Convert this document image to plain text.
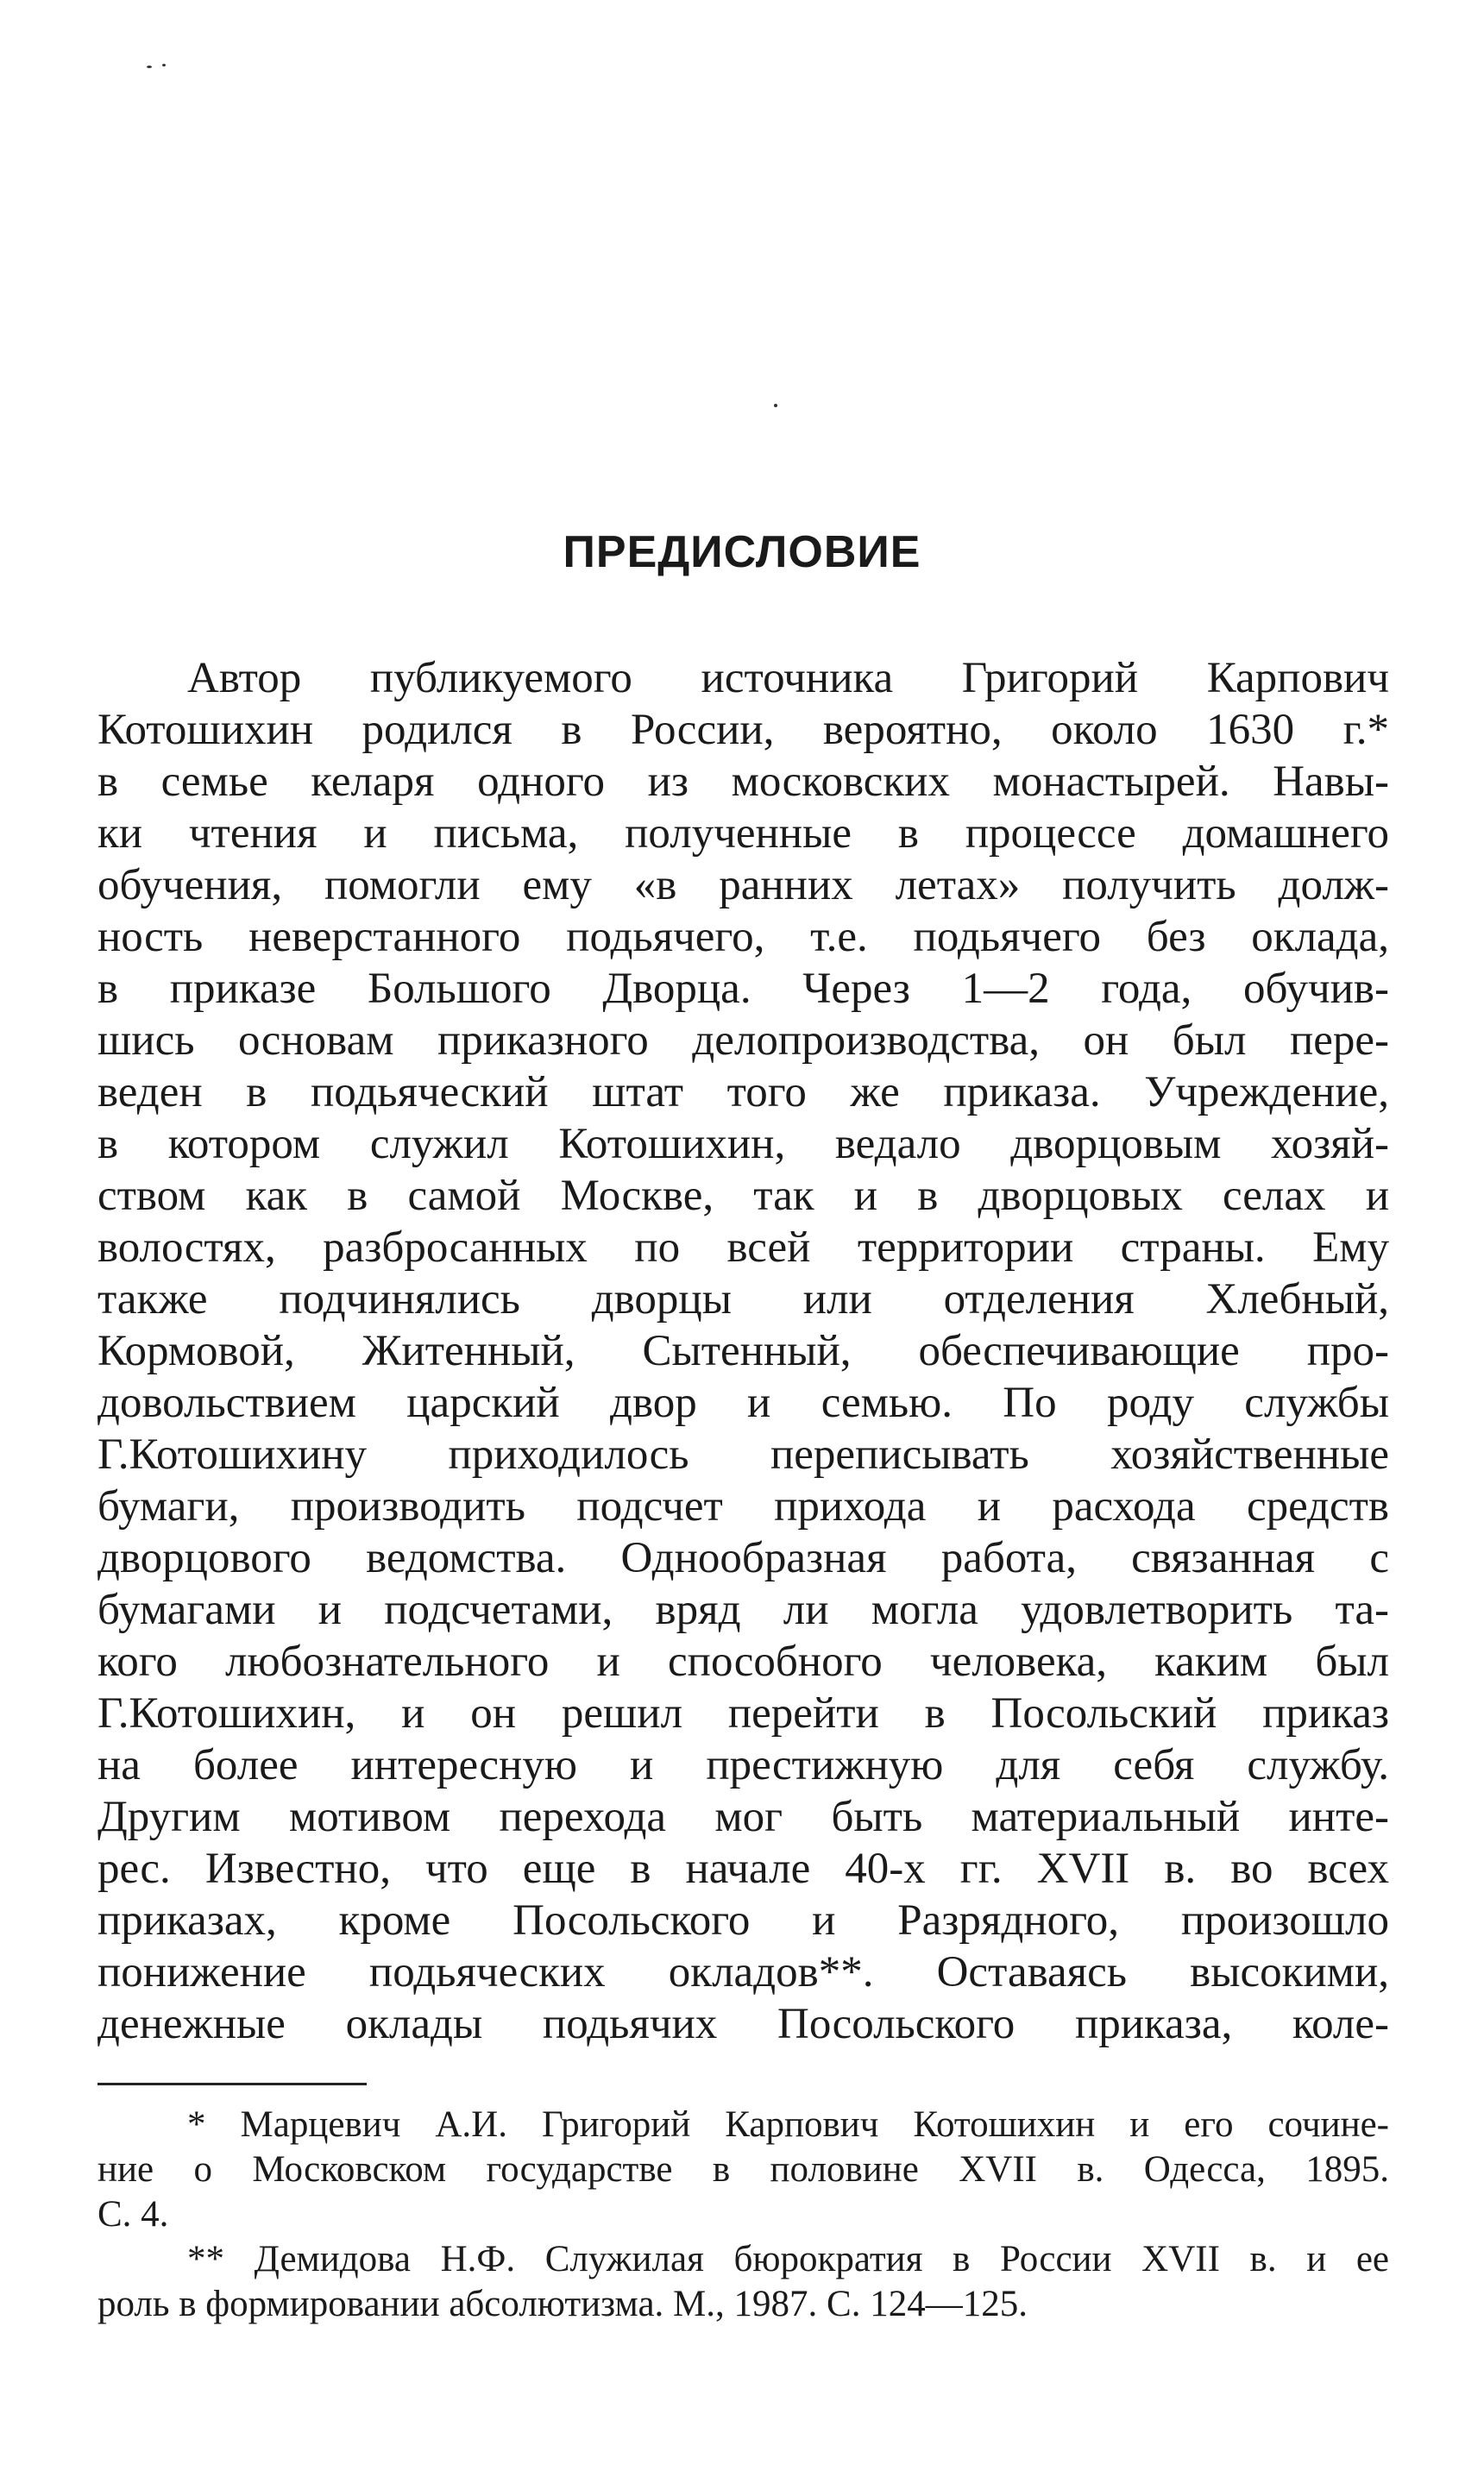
ПРЕДИСЛОВИЕ
Автор публикуемого источника Григорий Карпович
Котошихин родился в России, вероятно, около 1630 г.*
в семье келаря одного из московских монастырей. Навы-
ки чтения и письма, полученные в процессе домашнего
обучения, помогли ему «в ранних летах» получить долж-
ность неверстанного подьячего, т.е. подьячего без оклада,
в приказе Большого Дворца. Через 1—2 года, обучив-
шись основам приказного делопроизводства, он был пере-
веден в подьяческий штат того же приказа. Учреждение,
в котором служил Котошихин, ведало дворцовым хозяй-
ством как в самой Москве, так и в дворцовых селах и
волостях, разбросанных по всей территории страны. Ему
также подчинялись дворцы или отделения Хлебный,
Кормовой, Житенный, Сытенный, обеспечивающие про-
довольствием царский двор и семью. По роду службы
Г.Котошихину приходилось переписывать хозяйственные
бумаги, производить подсчет прихода и расхода средств
дворцового ведомства. Однообразная работа, связанная с
бумагами и подсчетами, вряд ли могла удовлетворить та-
кого любознательного и способного человека, каким был
Г.Котошихин, и он решил перейти в Посольский приказ
на более интересную и престижную для себя службу.
Другим мотивом перехода мог быть материальный инте-
рес. Известно, что еще в начале 40-х гг. XVII в. во всех
приказах, кроме Посольского и Разрядного, произошло
понижение подьяческих окладов**. Оставаясь высокими,
денежные оклады подьячих Посольского приказа, коле-
* Марцевич А.И. Григорий Карпович Котошихин и его сочине-
ние о Московском государстве в половине XVII в. Одесса, 1895.
С. 4.
** Демидова Н.Ф. Служилая бюрократия в России XVII в. и ее
роль в формировании абсолютизма. М., 1987. С. 124—125.
